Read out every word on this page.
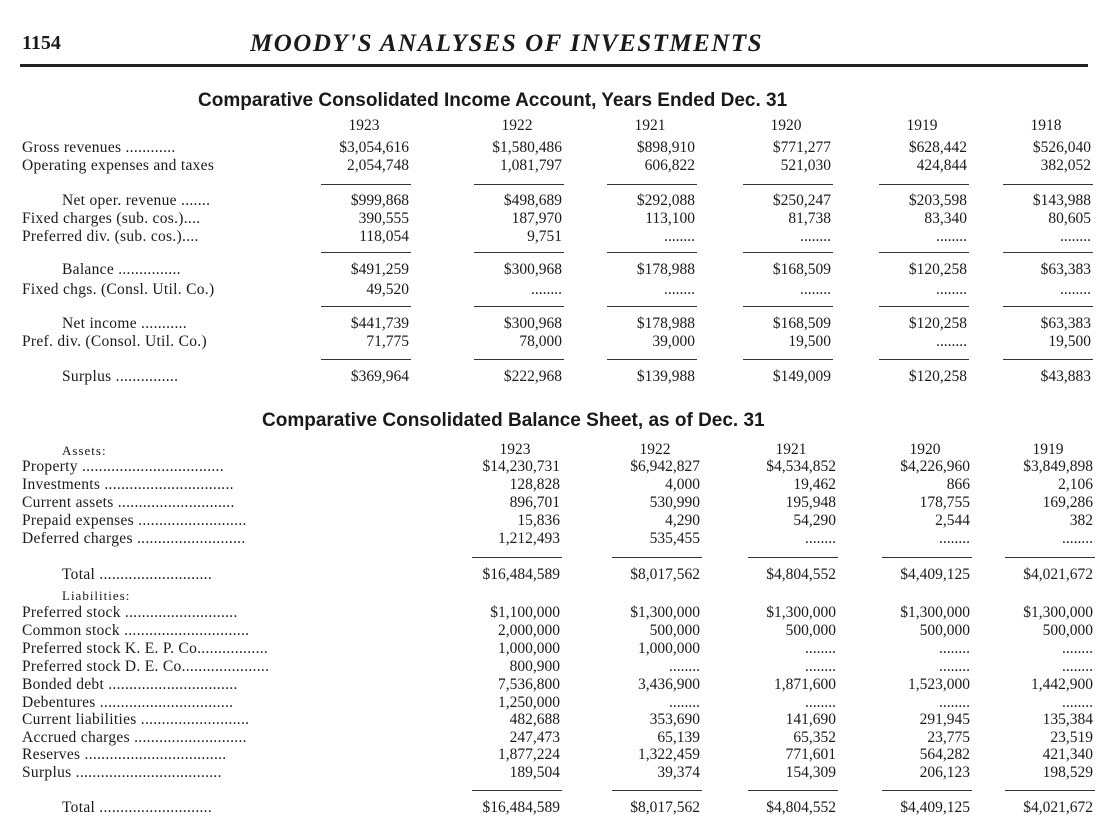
1154	MOODY'S ANALYSES OF INVESTMENTS
Comparative Consolidated Income Account, Years Ended Dec. 31
Comparative Consolidated Balance Sheet, as of Dec. 31
1923	1922	1921	1920	1919	1918
Gross revenues ............	$3,054,616	$1,580,486	$898,910	$771,277	$628,442	$526,040
Operating expenses and taxes	2,054,748	1,081,797	606,822	521,030	424,844	382,052
Net oper. revenue .......	$999,868	$498,689	$292,088	$250,247	$203,598	$143,988
Fixed charges (sub. cos.)....	390,555	187,970	113,100	81,738	83,340	80,605
Preferred div. (sub. cos.)....	118,054	9,751	........	........	........	........
Balance ...............	$491,259	$300,968	$178,988	$168,509	$120,258	$63,383
Fixed chgs. (Consl. Util. Co.)	49,520	........	........	........	........	........
Net income ...........	$441,739	$300,968	$178,988	$168,509	$120,258	$63,383
Pref. div. (Consol. Util. Co.)	71,775	78,000	39,000	19,500	........	19,500
Surplus ...............	$369,964	$222,968	$139,988	$149,009	$120,258	$43,883
Assets:	1923	1922	1921	1920	1919
Property ..................................	$14,230,731	$6,942,827	$4,534,852	$4,226,960	$3,849,898
Investments ...............................	128,828	4,000	19,462	866	2,106
Current assets ............................	896,701	530,990	195,948	178,755	169,286
Prepaid expenses ..........................	15,836	4,290	54,290	2,544	382
Deferred charges ..........................	1,212,493	535,455	........	........	........
Total ...........................	$16,484,589	$8,017,562	$4,804,552	$4,409,125	$4,021,672
Liabilities:
Preferred stock ...........................	$1,100,000	$1,300,000	$1,300,000	$1,300,000	$1,300,000
Common stock ..............................	2,000,000	500,000	500,000	500,000	500,000
Preferred stock K. E. P. Co.................	1,000,000	1,000,000	........	........	........
Preferred stock D. E. Co.....................	800,900	........	........	........	........
Bonded debt ...............................	7,536,800	3,436,900	1,871,600	1,523,000	1,442,900
Debentures ................................	1,250,000	........	........	........	........
Current liabilities ..........................	482,688	353,690	141,690	291,945	135,384
Accrued charges ...........................	247,473	65,139	65,352	23,775	23,519
Reserves ..................................	1,877,224	1,322,459	771,601	564,282	421,340
Surplus ...................................	189,504	39,374	154,309	206,123	198,529
Total ...........................	$16,484,589	$8,017,562	$4,804,552	$4,409,125	$4,021,672
